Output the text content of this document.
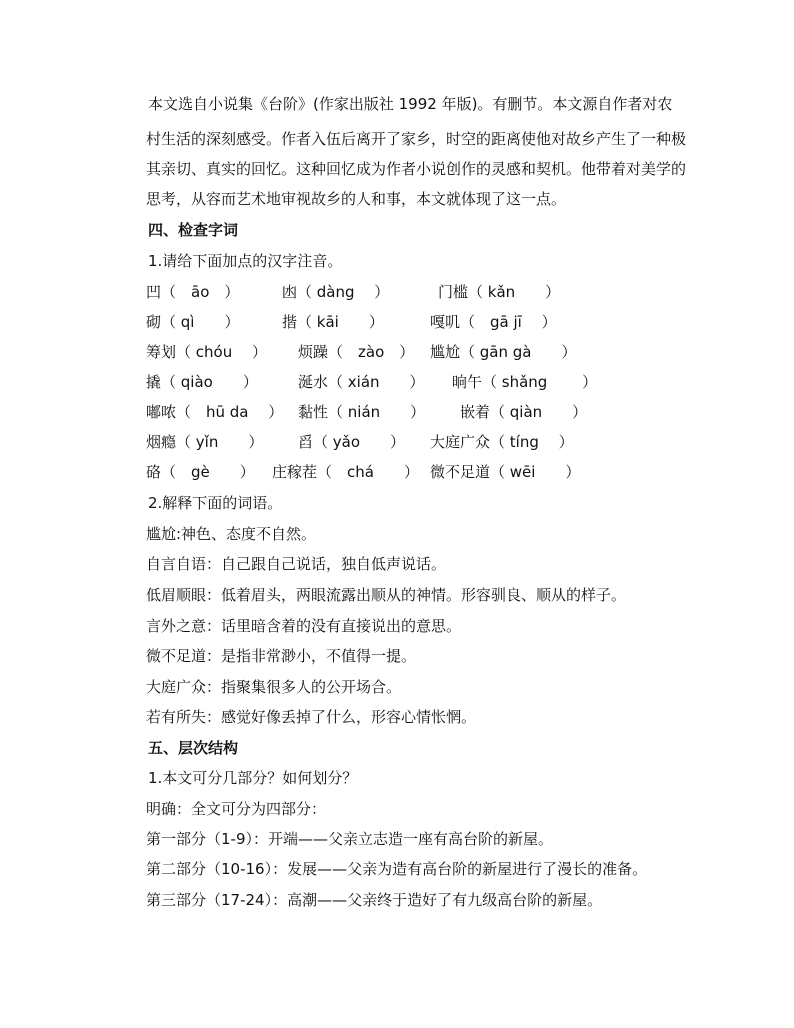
本文选自小说集《台阶》(作家出版社 1992 年版)。有删节。本文源自作者对农
村生活的深刻感受。作者入伍后离开了家乡，时空的距离使他对故乡产生了一种极
其亲切、真实的回忆。这种回忆成为作者小说创作的灵感和契机。他带着对美学的
思考，从容而艺术地审视故乡的人和事，本文就体现了这一点。
四、检查字词
1.请给下面加点的汉字注音。
凹（　āo　）	凼（ dàng　 ）	门槛（ kǎn　　）
砌（ qì　　）	揩（ kāi　　）	嘎叽（　gā jī　 ）
筹划（ chóu　 ） 烦躁（　zào　） 尴尬（ gān gà　　）
撬（ qiào　　）	涎水（ xián　　） 晌午（ shǎng　　 ）
嘟哝（　hū da　 ） 黏性（ nián　　） 嵌着（ qiàn　　）
烟瘾（ yǐn　　） 舀（ yǎo　　） 大庭广众（ tíng　 ）
硌（　gè　　） 庄稼茬（　chá　　） 微不足道（ wēi　　）
2.解释下面的词语。
尴尬:神色、态度不自然。
自言自语：自己跟自己说话，独自低声说话。
低眉顺眼：低着眉头，两眼流露出顺从的神情。形容驯良、顺从的样子。
言外之意：话里暗含着的没有直接说出的意思。
微不足道：是指非常渺小，不值得一提。
大庭广众：指聚集很多人的公开场合。
若有所失：感觉好像丢掉了什么，形容心情怅惘。
五、层次结构
1.本文可分几部分？如何划分？
明确：全文可分为四部分：
第一部分（1-9）：开端——父亲立志造一座有高台阶的新屋。
第二部分（10-16）：发展——父亲为造有高台阶的新屋进行了漫长的准备。
第三部分（17-24）：高潮——父亲终于造好了有九级高台阶的新屋。
